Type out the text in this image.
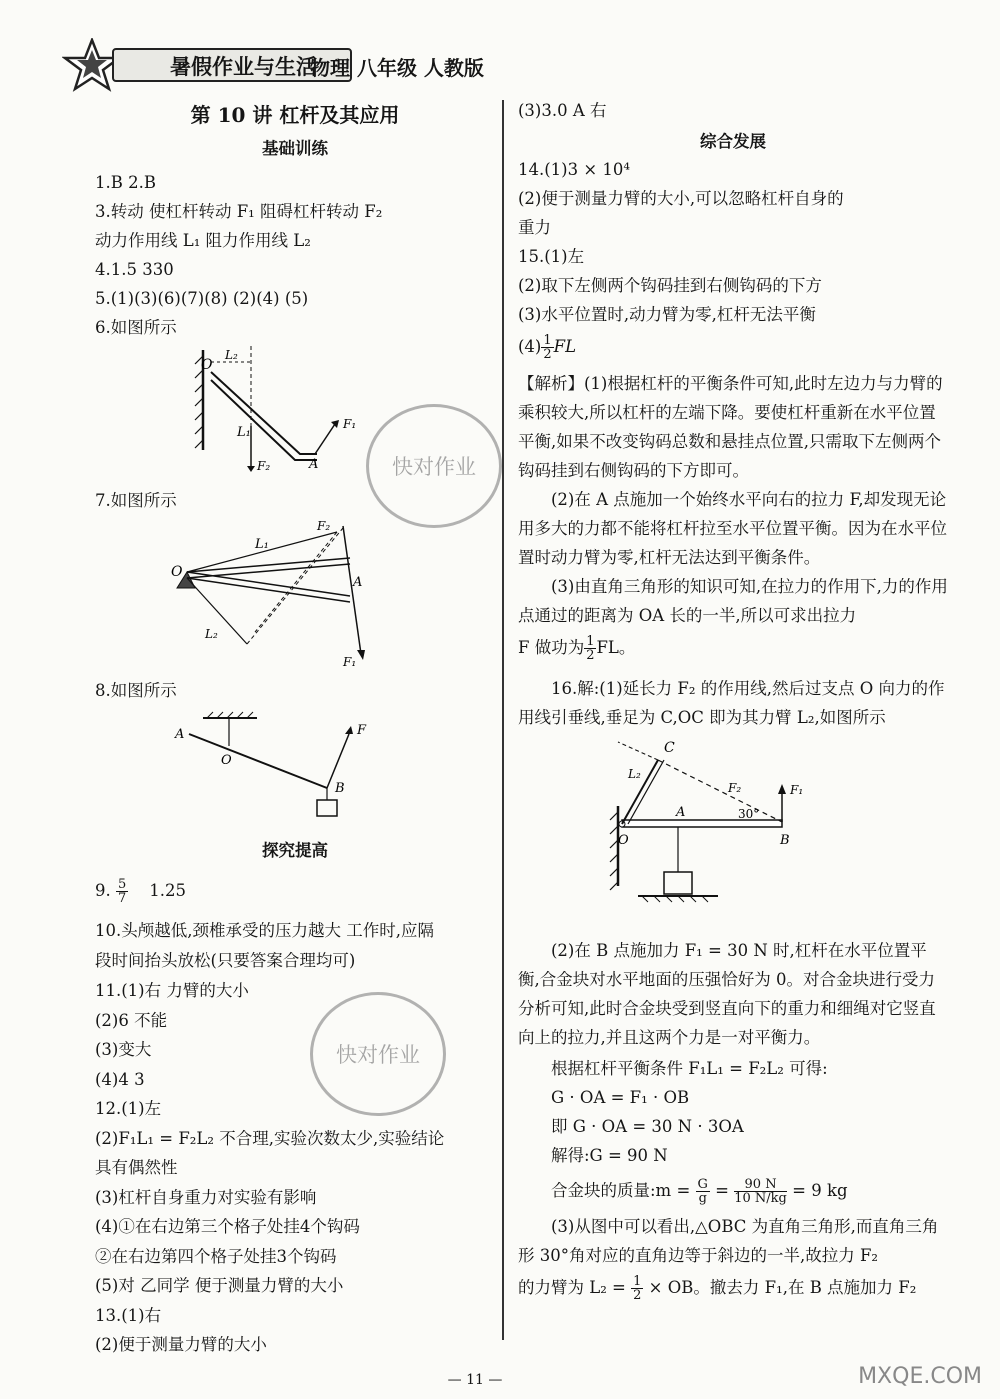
暑假作业与生活
物理 八年级 人教版

第 10 讲 杠杆及其应用

基础训练

1.B 2.B

3.转动 使杠杆转动 F₁ 阻碍杠杆转动 F₂

动力作用线 L₁ 阻力作用线 L₂

4.1.5 330

5.(1)(3)(6)(7)(8) (2)(4) (5)

6.如图所示

O
L₂
L₁
F₁
A
F₂

7.如图所示

L₁
F₂
O
A
L₂
F₁

8.如图所示

A
O
F
B

探究提高

9. $\frac{5}{7} 1.25$

10.头颅越低,颈椎承受的压力越大 工作时,应隔

段时间抬头放松(只要答案合理均可)

11.(1)右 力臂的大小

(2)6 不能

(3)变大

(4)4 3

12.(1)左

(2)F₁L₁ = F₂L₂ 不合理,实验次数太少,实验结论

具有偶然性

(3)杠杆自身重力对实验有影响

(4)①在右边第三个格子处挂4个钩码

②在右边第四个格子处挂3个钩码

(5)对 乙同学 便于测量力臂的大小

13.(1)右

(2)便于测量力臂的大小

(3)3.0 A 右

综合发展

14.(1)3 × 10⁴

(2)便于测量力臂的大小,可以忽略杠杆自身的

重力

15.(1)左

(2)取下左侧两个钩码挂到右侧钩码的下方

(3)水平位置时,动力臂为零,杠杆无法平衡

$(4) \frac{1}{2}$ FL

【解析】(1)根据杠杆的平衡条件可知,此时左边力与力臂的乘积较大,所以杠杆的左端下降。要使杠杆重新在水平位置平衡,如果不改变钩码总数和悬挂点位置,只需取下左侧两个钩码挂到右侧钩码的下方即可。

(2)在 A 点施加一个始终水平向右的拉力 F,却发现无论用多大的力都不能将杠杆拉至水平位置平衡。因为在水平位置时动力臂为零,杠杆无法达到平衡条件。

(3)由直角三角形的知识可知,在拉力的作用下,力的作用点通过的距离为 OA 长的一半,所以可求出拉力

F 做功为 $\frac{1}{2}$ FL。

16.解:(1)延长力 F₂ 的作用线,然后过支点 O 向力的作用线引垂线,垂足为 C,OC 即为其力臂 L₂,如图所示

C
L₂
F₂	F₁
30°
A
O	B

(2)在 B 点施加力 F₁ = 30 N 时,杠杆在水平位置平衡,合金块对水平地面的压强恰好为 0。对合金块进行受力分析可知,此时合金块受到竖直向下的重力和细绳对它竖直向上的拉力,并且这两个力是一对平衡力。

根据杠杆平衡条件 F₁L₁ = F₂L₂ 可得:

G · OA = F₁ · OB

即 G · OA = 30 N · 3OA

解得:G = 90 N

合金块的质量:m = $\frac{G}{g} = \frac{90 N}{10 N/kg} = 9$ kg

(3)从图中可以看出,△OBC 为直角三角形,而直角三角形 30°角对应的直角边等于斜边的一半,故拉力 F₂

的力臂为 $L_2 = \frac{1}{2}$ × OB。撤去力 F₁,在 B 点施加力 F₂

快对作业
快对作业
— 11 —	MXQE.COM
